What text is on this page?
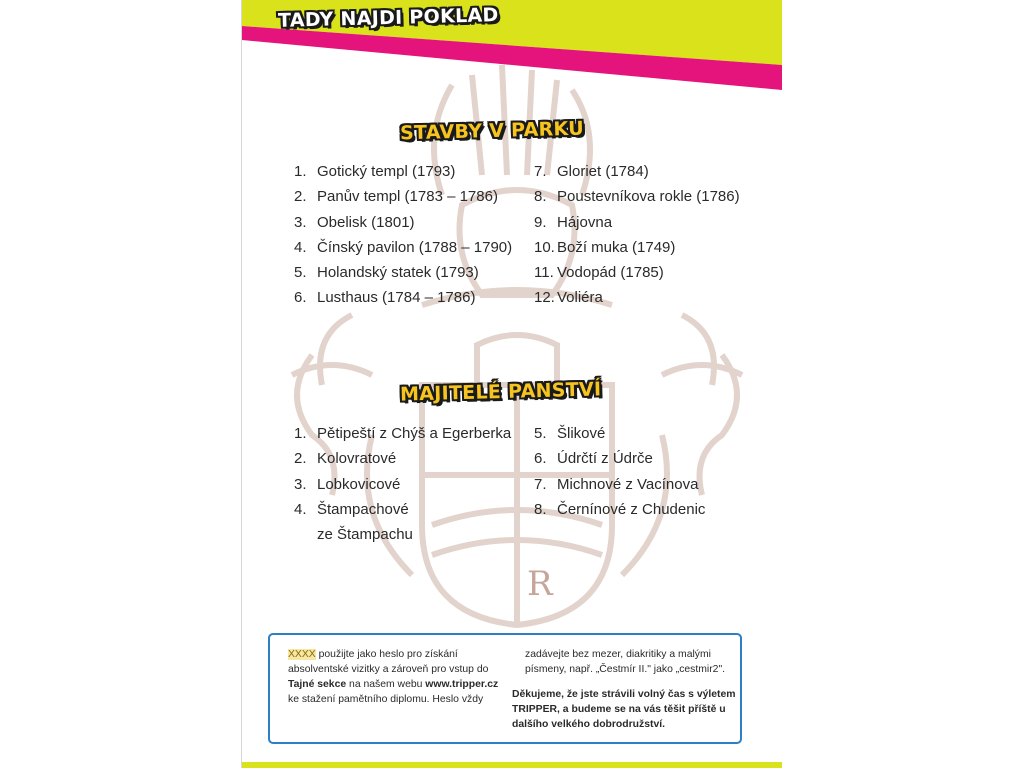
TADY NAJDI POKLAD
R
STAVBY V PARKU
1. Gotický templ (1793)
2. Panův templ (1783 – 1786)
3. Obelisk (1801)
4. Čínský pavilon (1788 – 1790)
5. Holandský statek (1793)
6. Lusthaus (1784 – 1786)
7. Gloriet (1784)
8. Poustevníkova rokle (1786)
9. Hájovna
10. Boží muka (1749)
11. Vodopád (1785)
12. Voliéra
MAJITELÉ PANSTVÍ
1. Pětipeští z Chýš a Egerberka
2. Kolovratové
3. Lobkovicové
4. Štampachové ze Štampachu
5. Šlikové
6. Údrčtí z Údrče
7. Michnové z Vacínova
8. Černínové z Chudenic
XXXX použijte jako heslo pro získání absolventské vizitky a zároveň pro vstup do Tajné sekce na našem webu www.tripper.cz ke stažení pamětního diplomu. Heslo vždy zadávejte bez mezer, diakritiky a malými písmeny, např. „Čestmír II." jako „cestmir2".
Děkujeme, že jste strávili volný čas s výletem TRIPPER, a budeme se na vás těšit příště u dalšího velkého dobrodružství.
